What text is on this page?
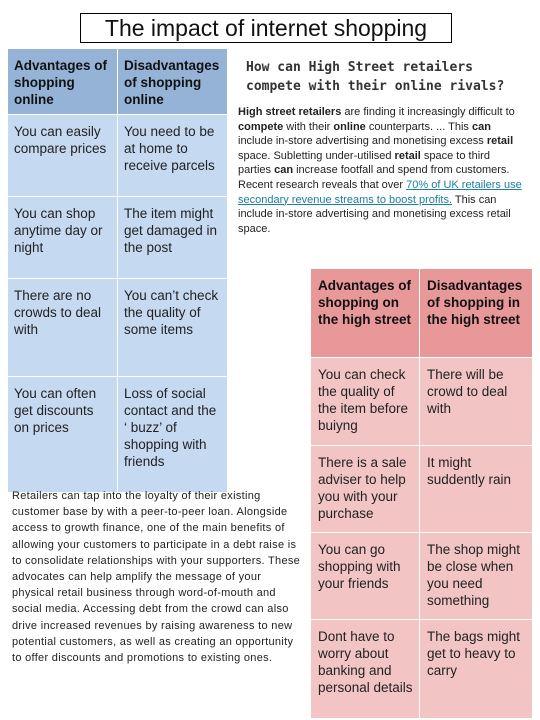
The impact of internet shopping
Advantages of shopping online	Disadvantages of shopping online
You can easily compare prices	You need to be at home to receive parcels
You can shop anytime day or night	The item might get damaged in the post
There are no crowds to deal with	You can’t check the quality of some items
You can often get discounts on prices	Loss of social contact and the ‘ buzz’ of shopping with friends
How can High Street retailers compete with their online rivals?

High street retailers are finding it increasingly difficult to compete with their online counterparts. ... This can include in-store advertising and monetising excess retail space. Subletting under-utilised retail space to third parties can increase footfall and spend from customers.

Recent research reveals that over 70% of UK retailers use secondary revenue streams to boost profits. This can include in-store advertising and monetising excess retail space.

Advantages of shopping on the high street	Disadvantages of shopping in the high street
You can check the quality of the item before buiyng	There will be crowd to deal with
There is a sale adviser to help you with your purchase	It might suddently rain
You can go shopping with your friends	The shop might be close when you need something
Dont have to worry about banking and personal details	The bags might get to heavy to carry
Retailers can tap into the loyalty of their existing customer base by with a peer-to-peer loan. Alongside access to growth finance, one of the main benefits of allowing your customers to participate in a debt raise is to consolidate relationships with your supporters. These advocates can help amplify the message of your physical retail business through word-of-mouth and social media. Accessing debt from the crowd can also drive increased revenues by raising awareness to new potential customers, as well as creating an opportunity to offer discounts and promotions to existing ones.
